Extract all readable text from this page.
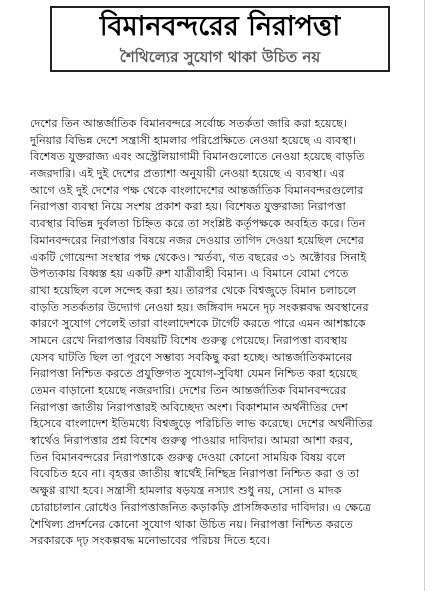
বিমানবন্দরের নিরাপত্তা
শৈথিল্যের সুযোগ থাকা উচিত নয়
দেশের তিন আন্তর্জাতিক বিমানবন্দরে সর্বোচ্চ সতর্কতা জারি করা হয়েছে।
দুনিয়ার বিভিন্ন দেশে সন্ত্রাসী হামলার পরিপ্রেক্ষিতে নেওয়া হয়েছে এ ব্যবস্থা।
বিশেষত যুক্তরাজ্য এবং অস্ট্রেলিয়াগামী বিমানগুলোতে নেওয়া হয়েছে বাড়তি
নজরদারি। এই দুই দেশের প্রত্যাশা অনুযায়ী নেওয়া হয়েছে এ ব্যবস্থা। এর
আগে ওই দুই দেশের পক্ষ থেকে বাংলাদেশের আন্তর্জাতিক বিমানবন্দরগুলোর
নিরাপত্তা ব্যবস্থা নিয়ে সংশয় প্রকাশ করা হয়। বিশেষত যুক্তরাজ্য নিরাপত্তা
ব্যবস্থার বিভিন্ন দুর্বলতা চিহ্নিত করে তা সংশ্লিষ্ট কর্তৃপক্ষকে অবহিত করে। তিন
বিমানবন্দরের নিরাপত্তার বিষয়ে নজর দেওয়ার তাগিদ দেওয়া হয়েছিল দেশের
একটি গোয়েন্দা সংস্থার পক্ষ থেকেও। স্মর্তব্য, গত বছরের ৩১ অক্টোবর সিনাই
উপত্যকায় বিধ্বস্ত হয় একটি রুশ যাত্রীবাহী বিমান। এ বিমানে বোমা পেতে
রাখা হয়েছিল বলে সন্দেহ করা হয়। তারপর থেকে বিশ্বজুড়ে বিমান চলাচলে
বাড়তি সতর্কতার উদ্যোগ নেওয়া হয়। জঙ্গিবাদ দমনে দৃঢ় সংকল্পবদ্ধ অবস্থানের
কারণে সুযোগ পেলেই তারা বাংলাদেশকে টার্গেট করতে পারে এমন আশঙ্কাকে
সামনে রেখে নিরাপত্তার বিষয়টি বিশেষ গুরুত্ব পেয়েছে। নিরাপত্তা ব্যবস্থায়
যেসব ঘাটতি ছিল তা পূরণে সম্ভাব্য সবকিছু করা হচ্ছে। আন্তর্জাতিকমানের
নিরাপত্তা নিশ্চিত করতে প্রযুক্তিগত সুযোগ-সুবিধা যেমন নিশ্চিত করা হয়েছে
তেমন বাড়ানো হয়েছে নজরদারি। দেশের তিন আন্তর্জাতিক বিমানবন্দরের
নিরাপত্তা জাতীয় নিরাপত্তারই অবিচ্ছেদ্য অংশ। বিকাশমান অর্থনীতির দেশ
হিসেবে বাংলাদেশ ইতিমধ্যে বিশ্বজুড়ে পরিচিতি লাভ করেছে। দেশের অর্থনীতির
স্বার্থেও নিরাপত্তার প্রশ্ন বিশেষ গুরুত্ব পাওয়ার দাবিদার। আমরা আশা করব,
তিন বিমানবন্দরের নিরাপত্তাকে গুরুত্ব দেওয়া কোনো সাময়িক বিষয় বলে
বিবেচিত হবে না। বৃহত্তর জাতীয় স্বার্থেই নিশ্ছিদ্র নিরাপত্তা নিশ্চিত করা ও তা
অক্ষুণ্ণ রাখা হবে। সন্ত্রাসী হামলার ষড়যন্ত্র নস্যাৎ শুধু নয়, সোনা ও মাদক
চোরাচালান রোধেও নিরাপত্তাজনিত কড়াকড়ি প্রাসঙ্গিকতার দাবিদার। এ ক্ষেত্রে
শৈথিল্য প্রদর্শনের কোনো সুযোগ থাকা উচিত নয়। নিরাপত্তা নিশ্চিত করতে
সরকারকে দৃঢ় সংকল্পবদ্ধ মনোভাবের পরিচয় দিতে হবে।
